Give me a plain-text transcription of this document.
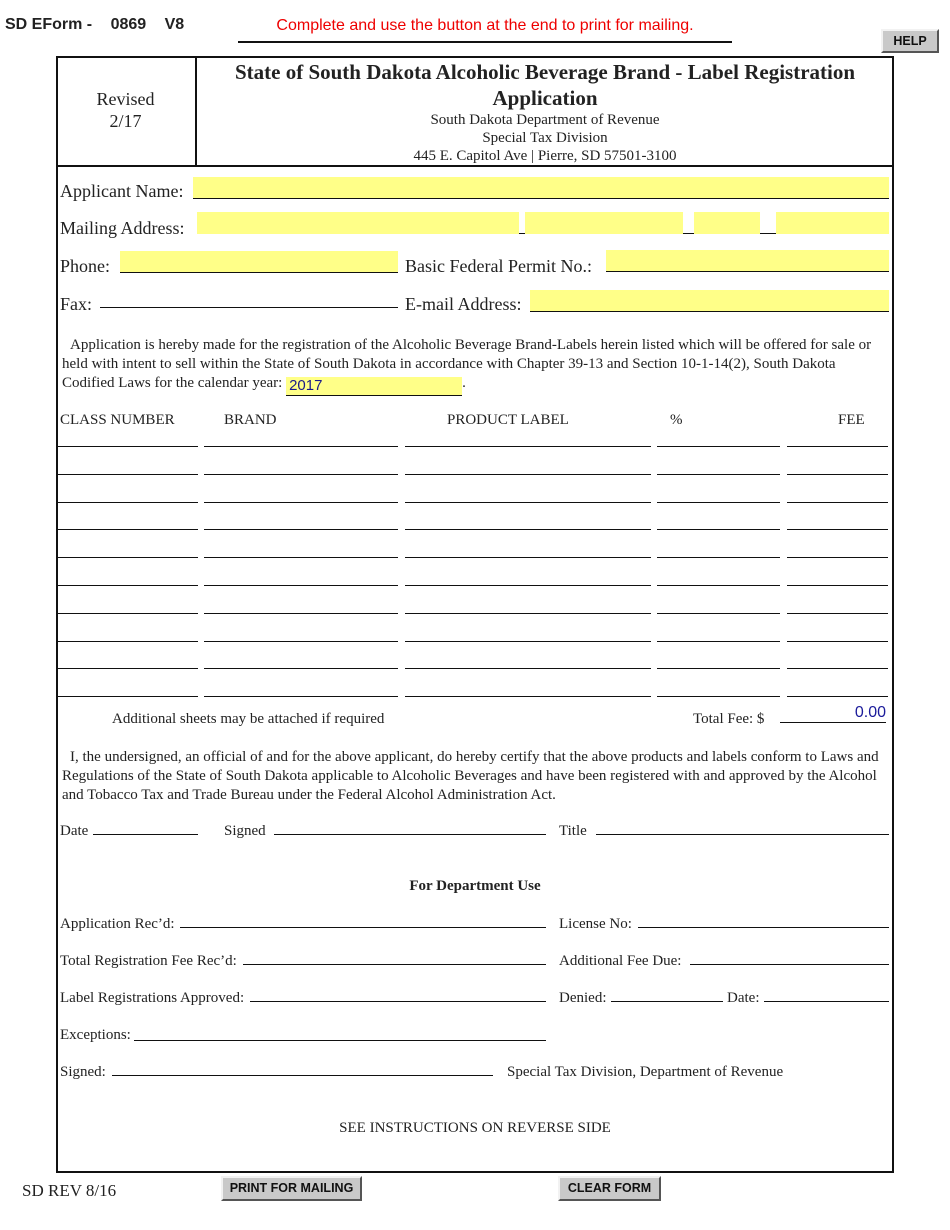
SD EForm - 0869 V8	Complete and use the button at the end to print for mailing.
HELP
Revised
2/17
State of South Dakota Alcoholic Beverage Brand - Label Registration Application
South Dakota Department of Revenue
Special Tax Division
445 E. Capitol Ave | Pierre, SD 57501-3100
Applicant Name:
Mailing Address:
Phone:	Basic Federal Permit No.:
Fax:	E-mail Address:
Application is hereby made for the registration of the Alcoholic Beverage Brand-Labels herein listed which will be offered for sale or held with intent to sell within the State of South Dakota in accordance with Chapter 39-13 and Section 10-1-14(2), South Dakota Codified Laws for the calendar year: 2017	.
CLASS NUMBER	BRAND	PRODUCT LABEL	%	FEE
Additional sheets may be attached if required	Total Fee: $	0.00
I, the undersigned, an official of and for the above applicant, do hereby certify that the above products and labels conform to Laws and Regulations of the State of South Dakota applicable to Alcoholic Beverages and have been registered with and approved by the Alcohol and Tobacco Tax and Trade Bureau under the Federal Alcohol Administration Act.
Date	Signed	Title
For Department Use
Application Rec’d:	License No:
Total Registration Fee Rec’d:	Additional Fee Due:
Label Registrations Approved:	Denied:	Date:
Exceptions:
Signed:	Special Tax Division, Department of Revenue
SEE INSTRUCTIONS ON REVERSE SIDE
SD REV 8/16	PRINT FOR MAILING	CLEAR FORM
